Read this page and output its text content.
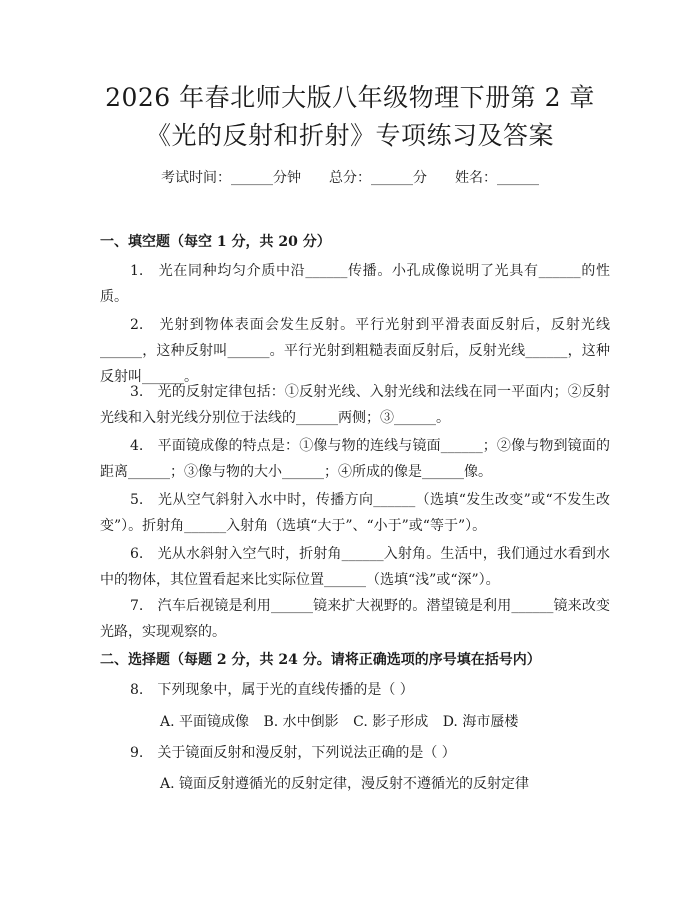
2026 年春北师大版八年级物理下册第 2 章
《光的反射和折射》专项练习及答案
考试时间：______分钟 总分：______分 姓名：______
一、填空题（每空 1 分，共 20 分）
1.　光在同种均匀介质中沿______传播。小孔成像说明了光具有______的性质。
2.　光射到物体表面会发生反射。平行光射到平滑表面反射后，反射光线______，这种反射叫______。平行光射到粗糙表面反射后，反射光线______，这种反射叫______。
3.　光的反射定律包括：①反射光线、入射光线和法线在同一平面内；②反射光线和入射光线分别位于法线的______两侧；③______。
4.　平面镜成像的特点是：①像与物的连线与镜面______；②像与物到镜面的距离______；③像与物的大小______；④所成的像是______像。
5.　光从空气斜射入水中时，传播方向______（选填“发生改变”或“不发生改变”）。折射角______入射角（选填“大于”、“小于”或“等于”）。
6.　光从水斜射入空气时，折射角______入射角。生活中，我们通过水看到水中的物体，其位置看起来比实际位置______（选填“浅”或“深”）。
7.　汽车后视镜是利用______镜来扩大视野的。潜望镜是利用______镜来改变光路，实现观察的。
二、选择题（每题 2 分，共 24 分。请将正确选项的序号填在括号内）
8.　下列现象中，属于光的直线传播的是（ ）
A. 平面镜成像 B. 水中倒影 C. 影子形成 D. 海市蜃楼
9.　关于镜面反射和漫反射，下列说法正确的是（ ）
A. 镜面反射遵循光的反射定律，漫反射不遵循光的反射定律
